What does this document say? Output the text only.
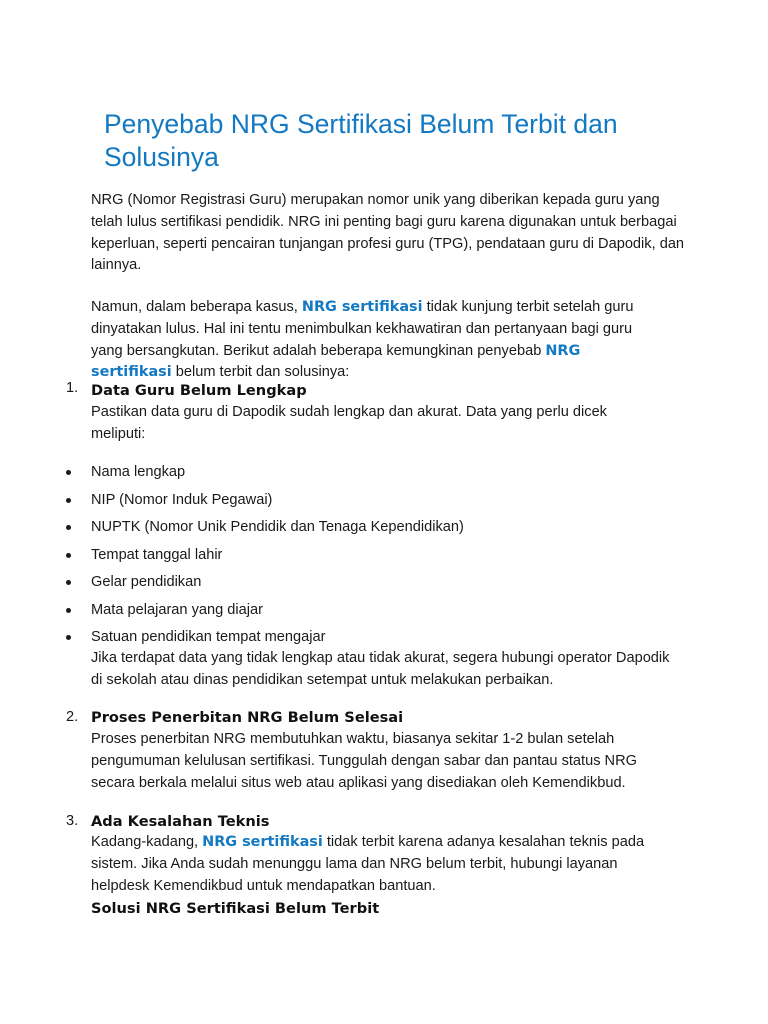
Penyebab NRG Sertifikasi Belum Terbit dan Solusinya

NRG (Nomor Registrasi Guru) merupakan nomor unik yang diberikan kepada guru yang telah lulus sertifikasi pendidik. NRG ini penting bagi guru karena digunakan untuk berbagai keperluan, seperti pencairan tunjangan profesi guru (TPG), pendataan guru di Dapodik, dan lainnya.

Namun, dalam beberapa kasus, NRG sertifikasi tidak kunjung terbit setelah guru dinyatakan lulus. Hal ini tentu menimbulkan kekhawatiran dan pertanyaan bagi guru yang bersangkutan. Berikut adalah beberapa kemungkinan penyebab NRG sertifikasi belum terbit dan solusinya:

1. Data Guru Belum Lengkap

Pastikan data guru di Dapodik sudah lengkap dan akurat. Data yang perlu dicek meliputi:

Nama lengkap
NIP (Nomor Induk Pegawai)
NUPTK (Nomor Unik Pendidik dan Tenaga Kependidikan)
Tempat tanggal lahir
Gelar pendidikan
Mata pelajaran yang diajar
Satuan pendidikan tempat mengajar

Jika terdapat data yang tidak lengkap atau tidak akurat, segera hubungi operator Dapodik di sekolah atau dinas pendidikan setempat untuk melakukan perbaikan.

2. Proses Penerbitan NRG Belum Selesai

Proses penerbitan NRG membutuhkan waktu, biasanya sekitar 1-2 bulan setelah pengumuman kelulusan sertifikasi. Tunggulah dengan sabar dan pantau status NRG secara berkala melalui situs web atau aplikasi yang disediakan oleh Kemendikbud.

3. Ada Kesalahan Teknis

Kadang-kadang, NRG sertifikasi tidak terbit karena adanya kesalahan teknis pada sistem. Jika Anda sudah menunggu lama dan NRG belum terbit, hubungi layanan helpdesk Kemendikbud untuk mendapatkan bantuan.

Solusi NRG Sertifikasi Belum Terbit
